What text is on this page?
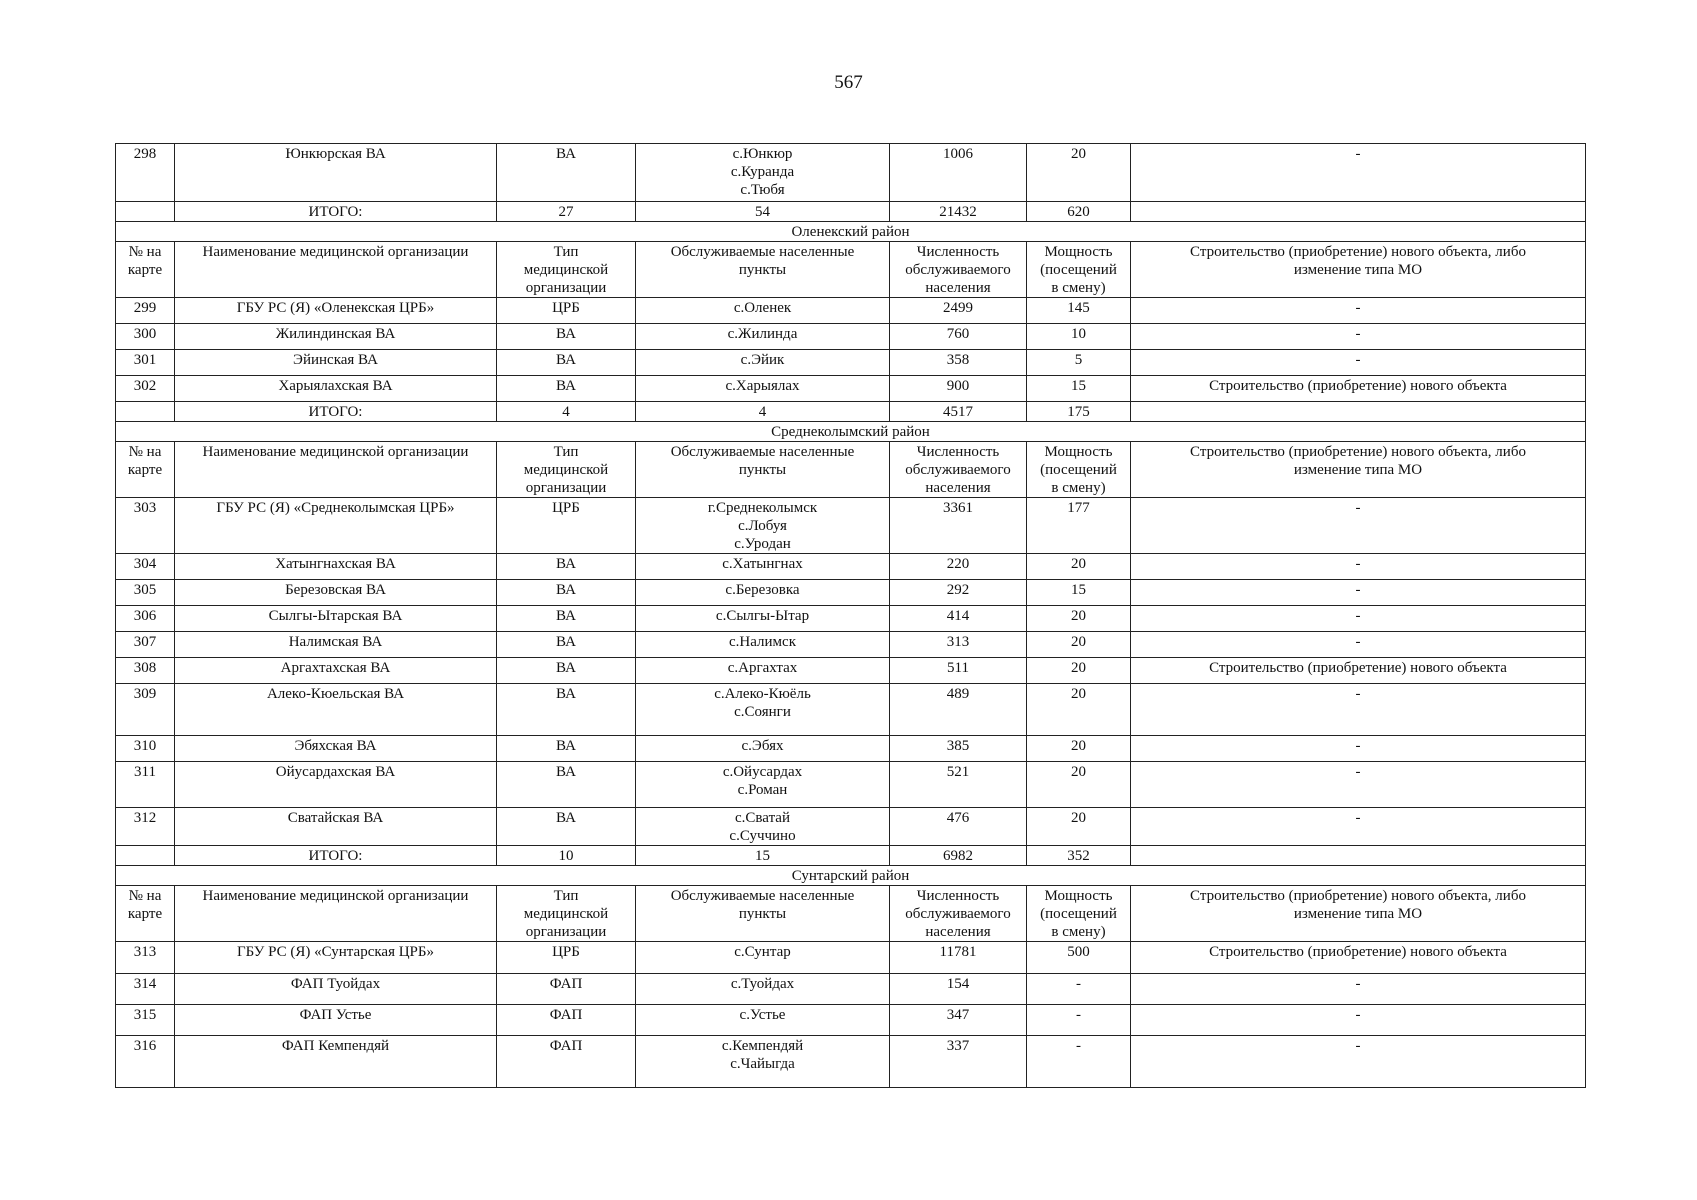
567
298	Юнкюрская ВА	ВА	с.Юнкюр
с.Куранда
с.Тюбя	1006	20	-
	ИТОГО:	27	54	21432	620	
Оленекский район						
№ на
карте	Наименование медицинской организации	Тип
медицинской
организации	Обслуживаемые населенные
пункты	Численность
обслуживаемого
населения	Мощность
(посещений
в смену)	Строительство (приобретение) нового объекта, либо
изменение типа МО
299	ГБУ РС (Я) «Оленекская ЦРБ»	ЦРБ	с.Оленек	2499	145	-
300	Жилиндинская ВА	ВА	с.Жилинда	760	10	-
301	Эйинская ВА	ВА	с.Эйик	358	5	-
302	Харыялахская ВА	ВА	с.Харыялах	900	15	Строительство (приобретение) нового объекта
	ИТОГО:	4	4	4517	175	
Среднеколымский район						
№ на
карте	Наименование медицинской организации	Тип
медицинской
организации	Обслуживаемые населенные
пункты	Численность
обслуживаемого
населения	Мощность
(посещений
в смену)	Строительство (приобретение) нового объекта, либо
изменение типа МО
303	ГБУ РС (Я) «Среднеколымская ЦРБ»	ЦРБ	г.Среднеколымск
с.Лобуя
с.Уродан	3361	177	-
304	Хатынгнахская ВА	ВА	с.Хатынгнах	220	20	-
305	Березовская ВА	ВА	с.Березовка	292	15	-
306	Сылгы-Ытарская ВА	ВА	с.Сылгы-Ытар	414	20	-
307	Налимская ВА	ВА	с.Налимск	313	20	-
308	Аргахтахская ВА	ВА	с.Аргахтах	511	20	Строительство (приобретение) нового объекта
309	Алеко-Кюельская ВА	ВА	с.Алеко-Кюёль
с.Соянги	489	20	-
310	Эбяхская ВА	ВА	с.Эбях	385	20	-
311	Ойусардахская ВА	ВА	с.Ойусардах
с.Роман	521	20	-
312	Сватайская ВА	ВА	с.Сватай
с.Суччино	476	20	-
	ИТОГО:	10	15	6982	352	
Сунтарский район						
№ на
карте	Наименование медицинской организации	Тип
медицинской
организации	Обслуживаемые населенные
пункты	Численность
обслуживаемого
населения	Мощность
(посещений
в смену)	Строительство (приобретение) нового объекта, либо
изменение типа МО
313	ГБУ РС (Я) «Сунтарская ЦРБ»	ЦРБ	с.Сунтар	11781	500	Строительство (приобретение) нового объекта
314	ФАП Туойдах	ФАП	с.Туойдах	154	-	-
315	ФАП Устье	ФАП	с.Устье	347	-	-
316	ФАП Кемпендяй	ФАП	с.Кемпендяй
с.Чайыгда	337	-	-
